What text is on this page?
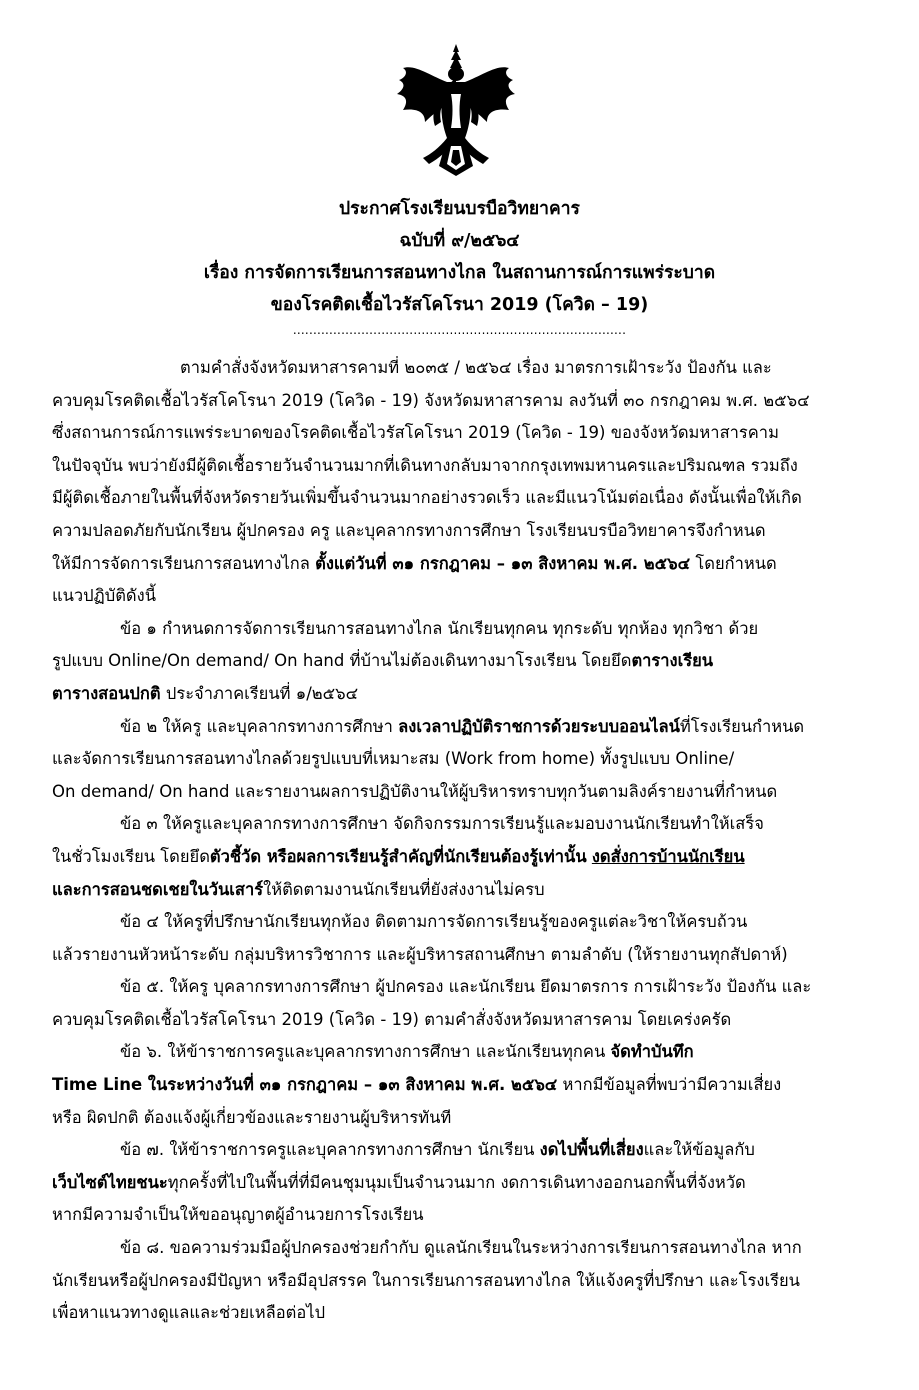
ประกาศโรงเรียนบรบือวิทยาคาร
ฉบับที่ ๙/๒๕๖๔
เรื่อง การจัดการเรียนการสอนทางไกล ในสถานการณ์การแพร่ระบาด
ของโรคติดเชื้อไวรัสโคโรนา 2019 (โควิด – 19)
...................................................................................
ตามคำสั่งจังหวัดมหาสารคามที่ ๒๐๓๕ / ๒๕๖๔ เรื่อง มาตรการเฝ้าระวัง ป้องกัน และ
ควบคุมโรคติดเชื้อไวรัสโคโรนา 2019 (โควิด - 19) จังหวัดมหาสารคาม ลงวันที่ ๓๐ กรกฎาคม พ.ศ. ๒๕๖๔
ซึ่งสถานการณ์การแพร่ระบาดของโรคติดเชื้อไวรัสโคโรนา 2019 (โควิด - 19) ของจังหวัดมหาสารคาม
ในปัจจุบัน พบว่ายังมีผู้ติดเชื้อรายวันจำนวนมากที่เดินทางกลับมาจากกรุงเทพมหานครและปริมณฑล รวมถึง
มีผู้ติดเชื้อภายในพื้นที่จังหวัดรายวันเพิ่มขึ้นจำนวนมากอย่างรวดเร็ว และมีแนวโน้มต่อเนื่อง ดังนั้นเพื่อให้เกิด
ความปลอดภัยกับนักเรียน ผู้ปกครอง ครู และบุคลากรทางการศึกษา โรงเรียนบรบือวิทยาคารจึงกำหนด
ให้มีการจัดการเรียนการสอนทางไกล ตั้งแต่วันที่ ๓๑ กรกฎาคม – ๑๓ สิงหาคม พ.ศ. ๒๕๖๔ โดยกำหนด
แนวปฏิบัติดังนี้
ข้อ ๑ กำหนดการจัดการเรียนการสอนทางไกล นักเรียนทุกคน ทุกระดับ ทุกห้อง ทุกวิชา ด้วย
รูปแบบ Online/On demand/ On hand ที่บ้านไม่ต้องเดินทางมาโรงเรียน โดยยึดตารางเรียน
ตารางสอนปกติ ประจำภาคเรียนที่ ๑/๒๕๖๔
ข้อ ๒ ให้ครู และบุคลากรทางการศึกษา ลงเวลาปฏิบัติราชการด้วยระบบออนไลน์ที่โรงเรียนกำหนด
และจัดการเรียนการสอนทางไกลด้วยรูปแบบที่เหมาะสม (Work from home) ทั้งรูปแบบ Online/
On demand/ On hand และรายงานผลการปฏิบัติงานให้ผู้บริหารทราบทุกวันตามลิงค์รายงานที่กำหนด
ข้อ ๓ ให้ครูและบุคลากรทางการศึกษา จัดกิจกรรมการเรียนรู้และมอบงานนักเรียนทำให้เสร็จ
ในชั่วโมงเรียน โดยยึดตัวชี้วัด หรือผลการเรียนรู้สำคัญที่นักเรียนต้องรู้เท่านั้น งดสั่งการบ้านนักเรียน
และการสอนชดเชยในวันเสาร์ให้ติดตามงานนักเรียนที่ยังส่งงานไม่ครบ
ข้อ ๔ ให้ครูที่ปรึกษานักเรียนทุกห้อง ติดตามการจัดการเรียนรู้ของครูแต่ละวิชาให้ครบถ้วน
แล้วรายงานหัวหน้าระดับ กลุ่มบริหารวิชาการ และผู้บริหารสถานศึกษา ตามลำดับ (ให้รายงานทุกสัปดาห์)
ข้อ ๕. ให้ครู บุคลากรทางการศึกษา ผู้ปกครอง และนักเรียน ยึดมาตรการ การเฝ้าระวัง ป้องกัน และ
ควบคุมโรคติดเชื้อไวรัสโคโรนา 2019 (โควิด - 19) ตามคำสั่งจังหวัดมหาสารคาม โดยเคร่งครัด
ข้อ ๖. ให้ข้าราชการครูและบุคลากรทางการศึกษา และนักเรียนทุกคน จัดทำบันทึก
Time Line ในระหว่างวันที่ ๓๑ กรกฎาคม – ๑๓ สิงหาคม พ.ศ. ๒๕๖๔ หากมีข้อมูลที่พบว่ามีความเสี่ยง
หรือ ผิดปกติ ต้องแจ้งผู้เกี่ยวข้องและรายงานผู้บริหารทันที
ข้อ ๗. ให้ข้าราชการครูและบุคลากรทางการศึกษา นักเรียน งดไปพื้นที่เสี่ยงและให้ข้อมูลกับ
เว็บไซต์ไทยชนะทุกครั้งที่ไปในพื้นที่ที่มีคนชุมนุมเป็นจำนวนมาก งดการเดินทางออกนอกพื้นที่จังหวัด
หากมีความจำเป็นให้ขออนุญาตผู้อำนวยการโรงเรียน
ข้อ ๘. ขอความร่วมมือผู้ปกครองช่วยกำกับ ดูแลนักเรียนในระหว่างการเรียนการสอนทางไกล หาก
นักเรียนหรือผู้ปกครองมีปัญหา หรือมีอุปสรรค ในการเรียนการสอนทางไกล ให้แจ้งครูที่ปรึกษา และโรงเรียน
เพื่อหาแนวทางดูแลและช่วยเหลือต่อไป
